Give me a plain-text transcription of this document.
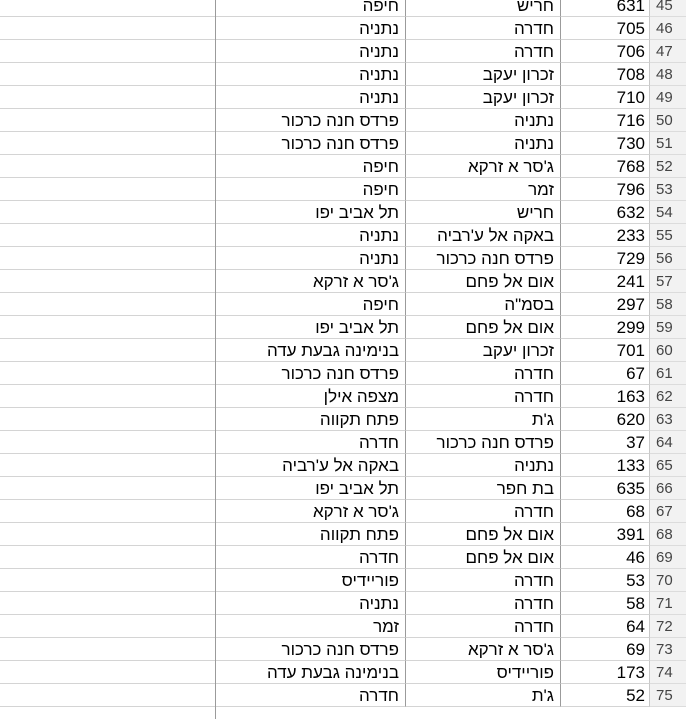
חיפה	חריש	631 45
נתניה	חדרה	705 46
נתניה	חדרה	706 47
נתניה	זכרון יעקב	708 48
נתניה	זכרון יעקב	710 49
פרדס חנה כרכור	נתניה	716 50
פרדס חנה כרכור	נתניה	730 51
חיפה	ג'סר א זרקא	768 52
חיפה	זמר	796 53
תל אביב יפו	חריש	632 54
נתניה	באקה אל ע'רביה	233 55
נתניה	פרדס חנה כרכור	729 56
ג'סר א זרקא	אום אל פחם	241 57
חיפה	בסמ"ה	297 58
תל אביב יפו	אום אל פחם	299 59
בנימינה גבעת עדה	זכרון יעקב	701 60
פרדס חנה כרכור	חדרה	67 61
מצפה אילן	חדרה	163 62
פתח תקווה	ג'ת	620 63
חדרה	פרדס חנה כרכור	37 64
באקה אל ע'רביה	נתניה	133 65
תל אביב יפו	בת חפר	635 66
ג'סר א זרקא	חדרה	68 67
פתח תקווה	אום אל פחם	391 68
חדרה	אום אל פחם	46 69
פוריידיס	חדרה	53 70
נתניה	חדרה	58 71
זמר	חדרה	64 72
פרדס חנה כרכור	ג'סר א זרקא	69 73
בנימינה גבעת עדה	פוריידיס	173 74
חדרה	ג'ת	52 75
